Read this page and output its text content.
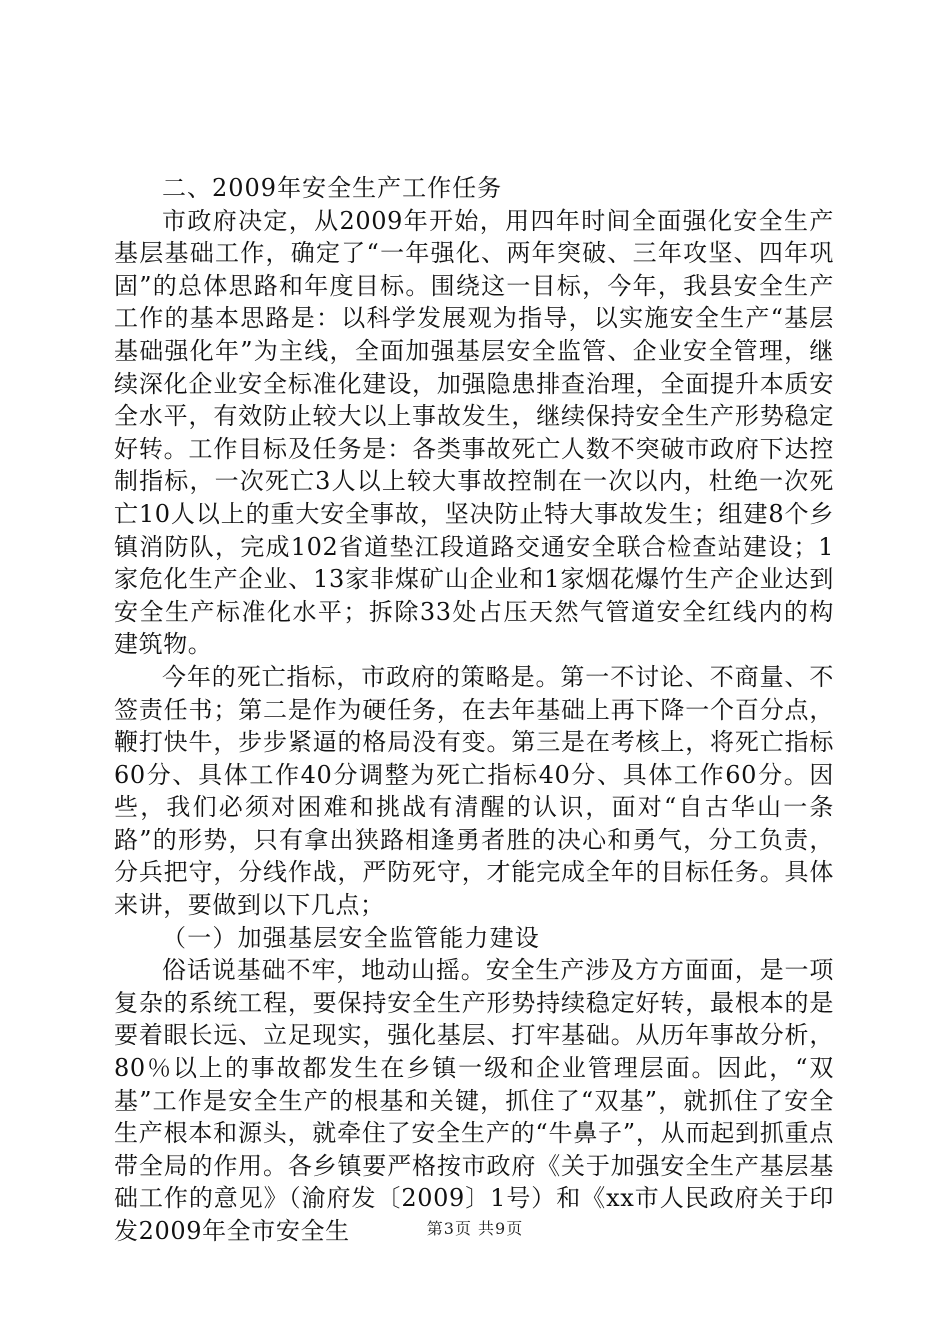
二、2009年安全生产工作任务

市政府决定，从2009年开始，用四年时间全面强化安全生产基层基础工作，确定了“一年强化、两年突破、三年攻坚、四年巩固”的总体思路和年度目标。围绕这一目标，今年，我县安全生产工作的基本思路是：以科学发展观为指导，以实施安全生产“基层基础强化年”为主线，全面加强基层安全监管、企业安全管理，继续深化企业安全标准化建设，加强隐患排查治理，全面提升本质安全水平，有效防止较大以上事故发生，继续保持安全生产形势稳定好转。工作目标及任务是：各类事故死亡人数不突破市政府下达控制指标，一次死亡3人以上较大事故控制在一次以内，杜绝一次死亡10人以上的重大安全事故，坚决防止特大事故发生；组建8个乡镇消防队，完成102省道垫江段道路交通安全联合检查站建设；1家危化生产企业、13家非煤矿山企业和1家烟花爆竹生产企业达到安全生产标准化水平；拆除33处占压天然气管道安全红线内的构建筑物。

今年的死亡指标，市政府的策略是。第一不讨论、不商量、不签责任书；第二是作为硬任务，在去年基础上再下降一个百分点，鞭打快牛，步步紧逼的格局没有变。第三是在考核上，将死亡指标60分、具体工作40分调整为死亡指标40分、具体工作60分。因些，我们必须对困难和挑战有清醒的认识，面对“自古华山一条路”的形势，只有拿出狭路相逢勇者胜的决心和勇气，分工负责，分兵把守，分线作战，严防死守，才能完成全年的目标任务。具体来讲，要做到以下几点；

（一）加强基层安全监管能力建设

俗话说基础不牢，地动山摇。安全生产涉及方方面面，是一项复杂的系统工程，要保持安全生产形势持续稳定好转，最根本的是要着眼长远、立足现实，强化基层、打牢基础。从历年事故分析，80％以上的事故都发生在乡镇一级和企业管理层面。因此，“双基”工作是安全生产的根基和关键，抓住了“双基”，就抓住了安全生产根本和源头，就牵住了安全生产的“牛鼻子”，从而起到抓重点带全局的作用。各乡镇要严格按市政府《关于加强安全生产基层基础工作的意见》（渝府发〔2009〕1号）和《xx市人民政府关于印发2009年全市安全生	第3页 共9页
